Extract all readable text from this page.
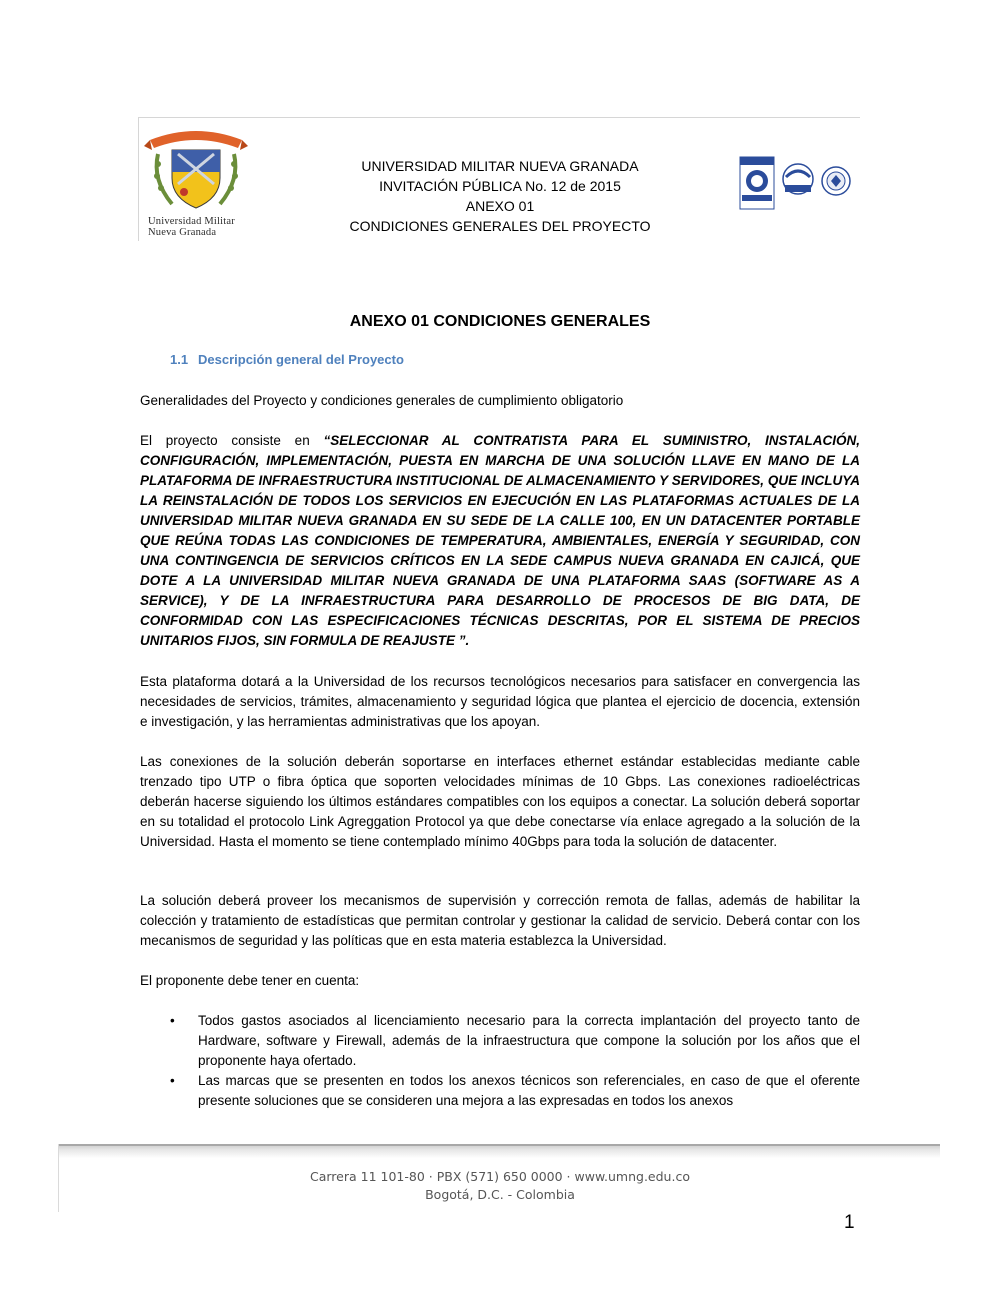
Universidad Militar
Nueva Granada
UNIVERSIDAD MILITAR NUEVA GRANADA
INVITACIÓN PÚBLICA No. 12 de 2015
ANEXO 01
CONDICIONES GENERALES DEL PROYECTO
ANEXO 01 CONDICIONES GENERALES
1.1 Descripción general del Proyecto
Generalidades del Proyecto y condiciones generales de cumplimiento obligatorio
El proyecto consiste en “SELECCIONAR AL CONTRATISTA PARA EL SUMINISTRO, INSTALACIÓN, CONFIGURACIÓN, IMPLEMENTACIÓN, PUESTA EN MARCHA DE UNA SOLUCIÓN LLAVE EN MANO DE LA PLATAFORMA DE INFRAESTRUCTURA INSTITUCIONAL DE ALMACENAMIENTO Y SERVIDORES, QUE INCLUYA LA REINSTALACIÓN DE TODOS LOS SERVICIOS EN EJECUCIÓN EN LAS PLATAFORMAS ACTUALES DE LA UNIVERSIDAD MILITAR NUEVA GRANADA EN SU SEDE DE LA CALLE 100, EN UN DATACENTER PORTABLE QUE REÚNA TODAS LAS CONDICIONES DE TEMPERATURA, AMBIENTALES, ENERGÍA Y SEGURIDAD, CON UNA CONTINGENCIA DE SERVICIOS CRÍTICOS EN LA SEDE CAMPUS NUEVA GRANADA EN CAJICÁ, QUE DOTE A LA UNIVERSIDAD MILITAR NUEVA GRANADA DE UNA PLATAFORMA SAAS (SOFTWARE AS A SERVICE), Y DE LA INFRAESTRUCTURA PARA DESARROLLO DE PROCESOS DE BIG DATA, DE CONFORMIDAD CON LAS ESPECIFICACIONES TÉCNICAS DESCRITAS, POR EL SISTEMA DE PRECIOS UNITARIOS FIJOS, SIN FORMULA DE REAJUSTE ”.
Esta plataforma dotará a la Universidad de los recursos tecnológicos necesarios para satisfacer en convergencia las necesidades de servicios, trámites, almacenamiento y seguridad lógica que plantea el ejercicio de docencia, extensión e investigación, y las herramientas administrativas que los apoyan.
Las conexiones de la solución deberán soportarse en interfaces ethernet estándar establecidas mediante cable trenzado tipo UTP o fibra óptica que soporten velocidades mínimas de 10 Gbps. Las conexiones radioeléctricas deberán hacerse siguiendo los últimos estándares compatibles con los equipos a conectar. La solución deberá soportar en su totalidad el protocolo Link Agreggation Protocol ya que debe conectarse vía enlace agregado a la solución de la Universidad. Hasta el momento se tiene contemplado mínimo 40Gbps para toda la solución de datacenter.
La solución deberá proveer los mecanismos de supervisión y corrección remota de fallas, además de habilitar la colección y tratamiento de estadísticas que permitan controlar y gestionar la calidad de servicio. Deberá contar con los mecanismos de seguridad y las políticas que en esta materia establezca la Universidad.
El proponente debe tener en cuenta:

• Todos gastos asociados al licenciamiento necesario para la correcta implantación del proyecto tanto de Hardware, software y Firewall, además de la infraestructura que compone la solución por los años que el proponente haya ofertado.

• Las marcas que se presenten en todos los anexos técnicos son referenciales, en caso de que el oferente presente soluciones que se consideren una mejora a las expresadas en todos los anexos

Carrera 11 101-80 · PBX (571) 650 0000 · www.umng.edu.co
Bogotá, D.C. - Colombia
1
